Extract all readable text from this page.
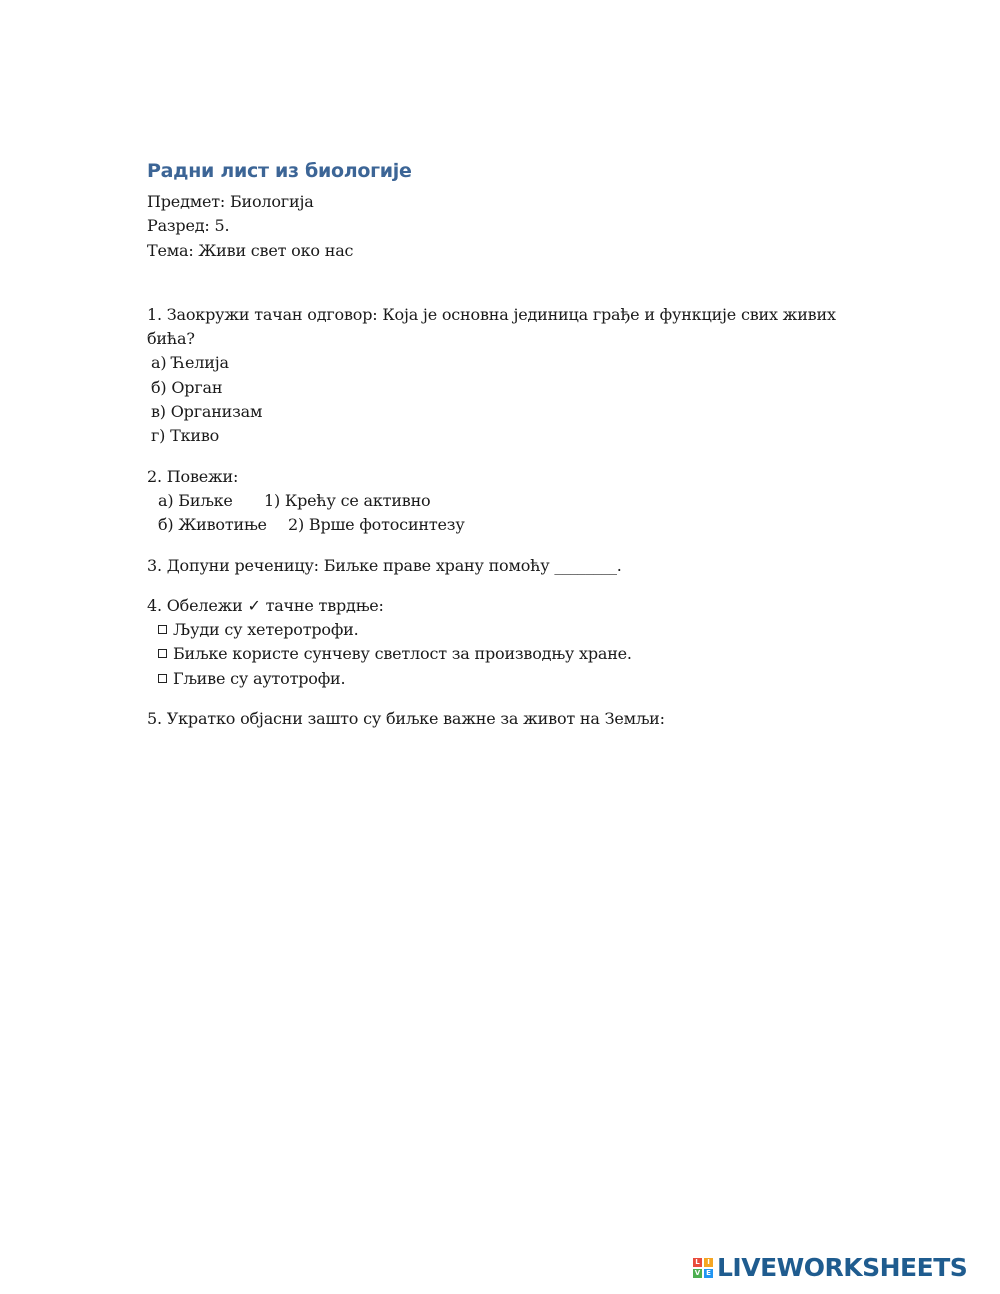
Радни лист из биологије
Предмет: Биологија
Разред: 5.
Тема: Живи свет око нас
1. Заокружи тачан одговор: Која је основна јединица грађе и функције свих живих бића?
а) Ћелија
б) Орган
в) Организам
г) Ткиво
2. Повежи:
а) Биљке	1) Крећу се активно
б) Животиње	2) Врше фотосинтезу
3. Допуни реченицу: Биљке праве храну помоћу ________.
4. Обележи ✓ тачне тврдње:
Људи су хетеротрофи.
Биљке користе сунчеву светлост за производњу хране.
Гљиве су аутотрофи.
5. Укратко објасни зашто су биљке важне за живот на Земљи:
L	I
V E LIVEWORKSHEETS
